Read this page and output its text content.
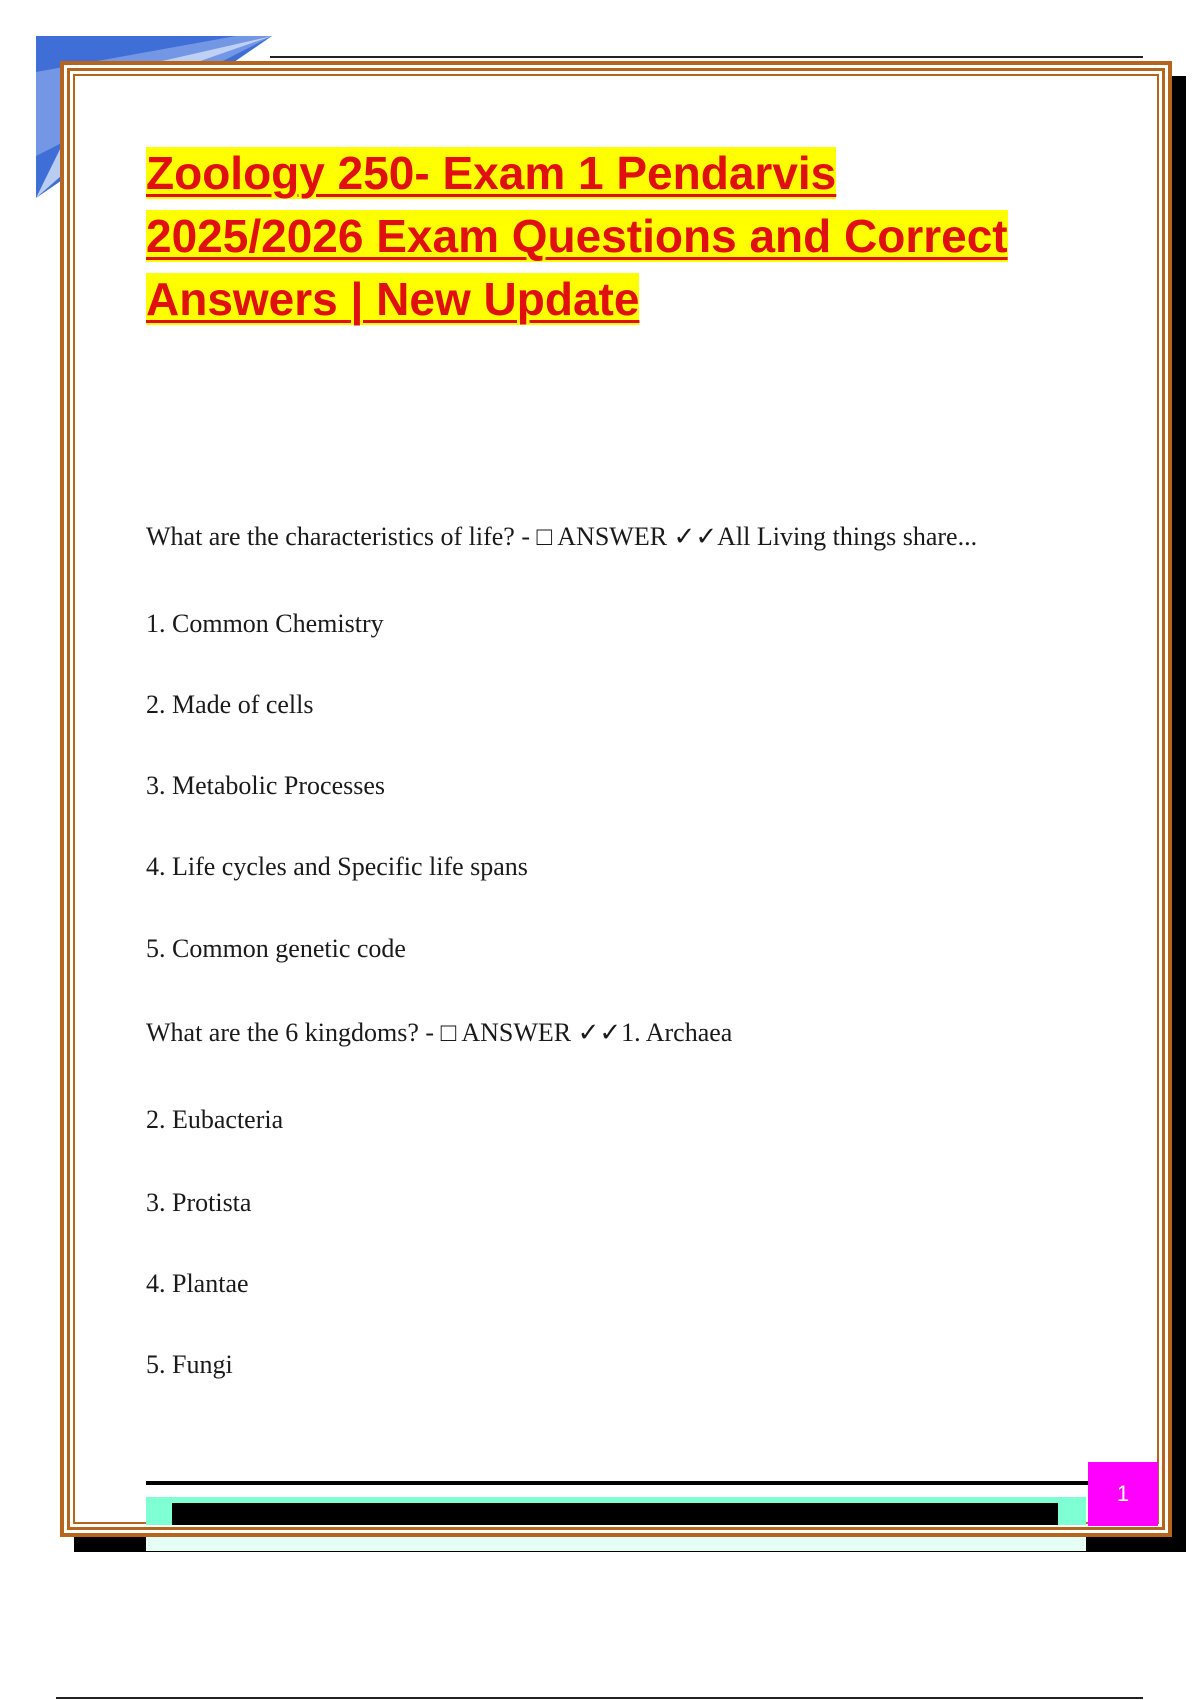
Zoology 250- Exam 1 Pendarvis
2025/2026 Exam Questions and Correct
Answers | New Update
What are the characteristics of life? - □ ANSWER ✓✓All Living things share...
1. Common Chemistry
2. Made of cells
3. Metabolic Processes
4. Life cycles and Specific life spans
5. Common genetic code
What are the 6 kingdoms? - □ ANSWER ✓✓1. Archaea
2. Eubacteria
3. Protista
4. Plantae
5. Fungi
1
